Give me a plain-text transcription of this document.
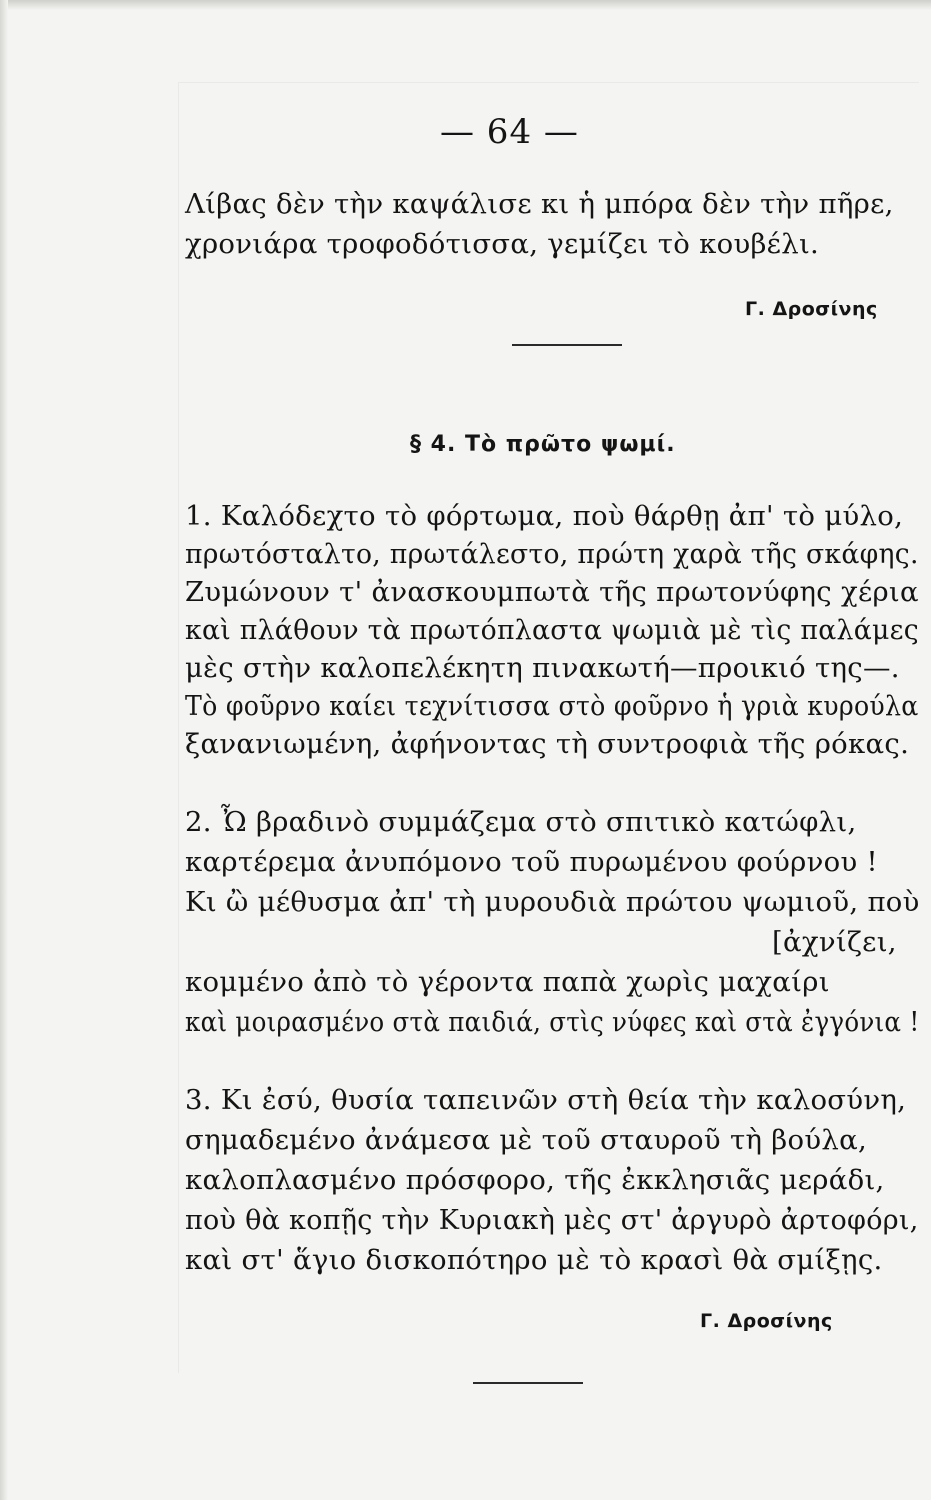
— 64 —
Λίβας δὲν τὴν καψάλισε κι ἡ μπόρα δὲν τὴν πῆρε,
χρονιάρα τροφοδότισσα, γεμίζει τὸ κουβέλι.
Γ. Δροσίνης
§ 4. Τὸ πρῶτο ψωμί.
1. Καλόδεχτο τὸ φόρτωμα, ποὺ θάρθῃ ἀπ' τὸ μύλο,
πρωτόσταλτο, πρωτάλεστο, πρώτη χαρὰ τῆς σκάφης.
Ζυμώνουν τ' ἀνασκουμπωτὰ τῆς πρωτονύφης χέρια
καὶ πλάθουν τὰ πρωτόπλαστα ψωμιὰ μὲ τὶς παλάμες
μὲς στὴν καλοπελέκητη πινακωτή—προικιό της—.
Τὸ φοῦρνο καίει τεχνίτισσα στὸ φοῦρνο ἡ γριὰ κυρούλα
ξανανιωμένη, ἀφήνοντας τὴ συντροφιὰ τῆς ρόκας.
2. Ὦ βραδινὸ συμμάζεμα στὸ σπιτικὸ κατώφλι,
καρτέρεμα ἀνυπόμονο τοῦ πυρωμένου φούρνου !
Κι ὢ μέθυσμα ἀπ' τὴ μυρουδιὰ πρώτου ψωμιοῦ, ποὺ
[ἀχνίζει,
κομμένο ἀπὸ τὸ γέροντα παπὰ χωρὶς μαχαίρι
καὶ μοιρασμένο στὰ παιδιά, στὶς νύφες καὶ στὰ ἐγγόνια !
3. Κι ἐσύ, θυσία ταπεινῶν στὴ θεία τὴν καλοσύνη,
σημαδεμένο ἀνάμεσα μὲ τοῦ σταυροῦ τὴ βούλα,
καλοπλασμένο πρόσφορο, τῆς ἐκκλησιᾶς μεράδι,
ποὺ θὰ κοπῇς τὴν Κυριακὴ μὲς στ' ἀργυρὸ ἀρτοφόρι,
καὶ στ' ἅγιο δισκοπότηρο μὲ τὸ κρασὶ θὰ σμίξῃς.
Γ. Δροσίνης
